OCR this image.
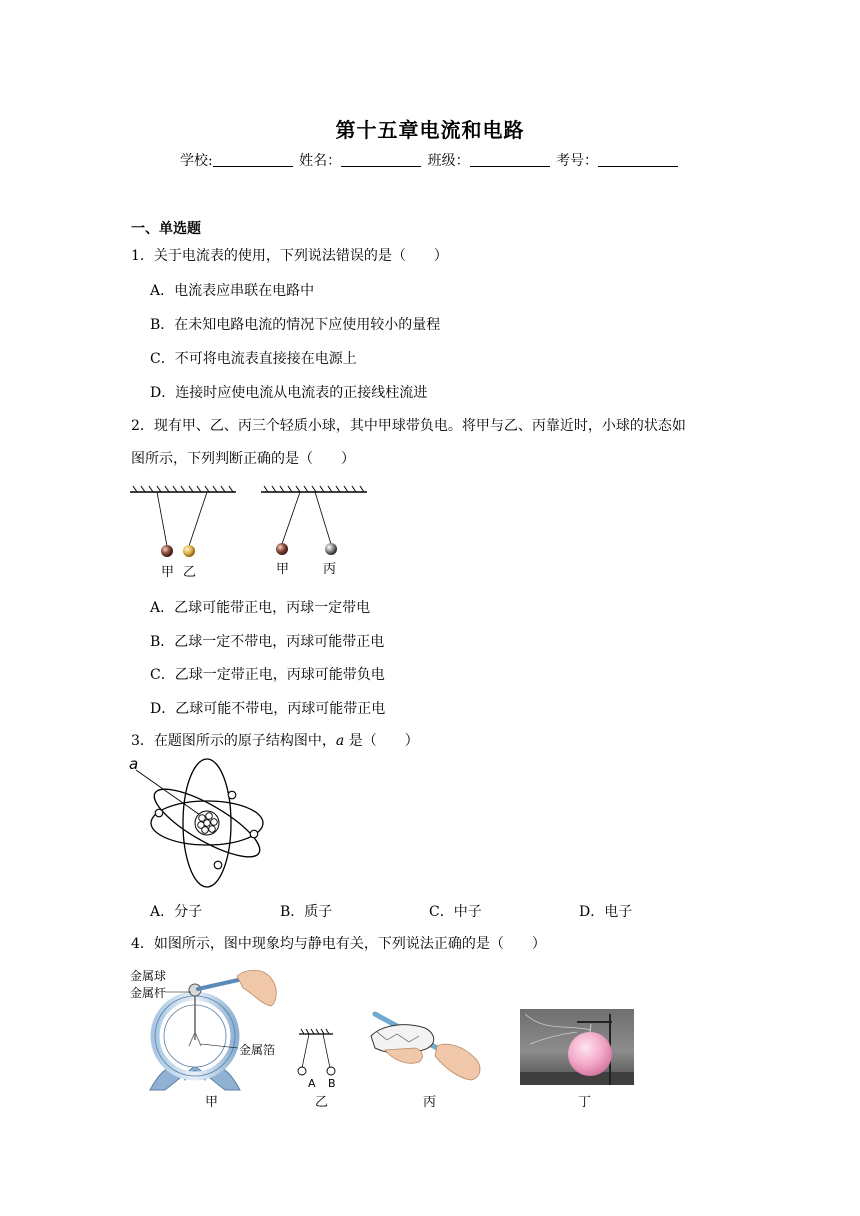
第十五章电流和电路
学校:	姓名：	班级：	考号：
一、单选题
1．关于电流表的使用，下列说法错误的是（　　）
A．电流表应串联在电路中
B．在未知电路电流的情况下应使用较小的量程
C．不可将电流表直接接在电源上
D．连接时应使电流从电流表的正接线柱流进
2．现有甲、乙、丙三个轻质小球，其中甲球带负电。将甲与乙、丙靠近时，小球的状态如
图所示，下列判断正确的是（　　）
甲 乙	甲	丙
A．乙球可能带正电，丙球一定带电
B．乙球一定不带电，丙球可能带正电
C．乙球一定带正电，丙球可能带负电
D．乙球可能不带电，丙球可能带正电
3．在题图所示的原子结构图中，a 是（　　）
a
A．分子	B．质子	C．中子	D．电子
4．如图所示，图中现象均与静电有关，下列说法正确的是（　　）
金属球
金属杆
金属箔
甲
A B
乙	丙	丁
